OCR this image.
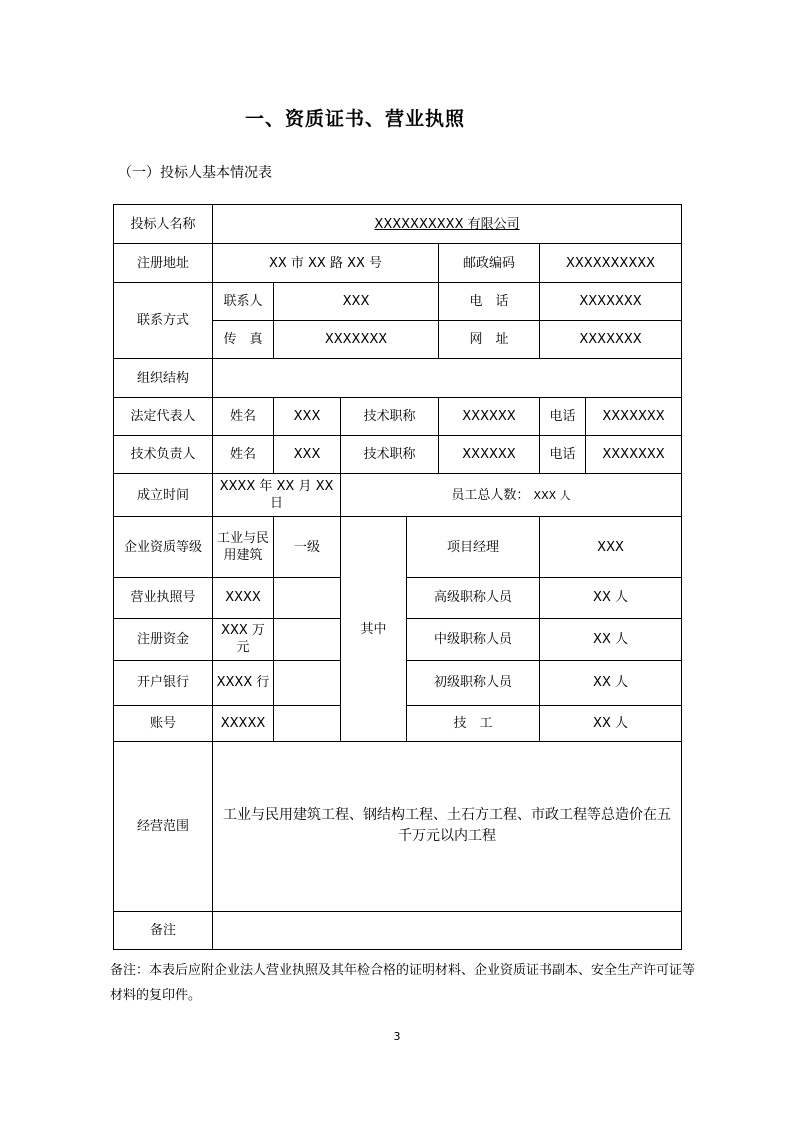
一、资质证书、营业执照
（一）投标人基本情况表
投标人名称	XXXXXXXXXX 有限公司						
注册地址	XX 市 XX 路 XX 号				邮政编码	XXXXXXXXXX	
联系方式	联系人	XXX			电　话	XXXXXXX	
	传　真	XXXXXXX			网　址	XXXXXXX	
组织结构							
法定代表人	姓名	XXX	技术职称		XXXXXX	电话	XXXXXXX
技术负责人	姓名	XXX	技术职称		XXXXXX	电话	XXXXXXX
成立时间	XXXX 年 XX 月 XX 日		员工总人数： XXX 人				
企业资质等级	工业与民用建筑	一级	其中	项目经理		XXX	
营业执照号	XXXX			高级职称人员		XX 人	
注册资金	XXX 万元			中级职称人员		XX 人	
开户银行	XXXX 行			初级职称人员		XX 人	
账号	XXXXX			技　工		XX 人	
经营范围	工业与民用建筑工程、钢结构工程、土石方工程、市政工程等总造价在五千万元以内工程						
备注							
备注：本表后应附企业法人营业执照及其年检合格的证明材料、企业资质证书副本、安全生产许可证等材料的复印件。
3
